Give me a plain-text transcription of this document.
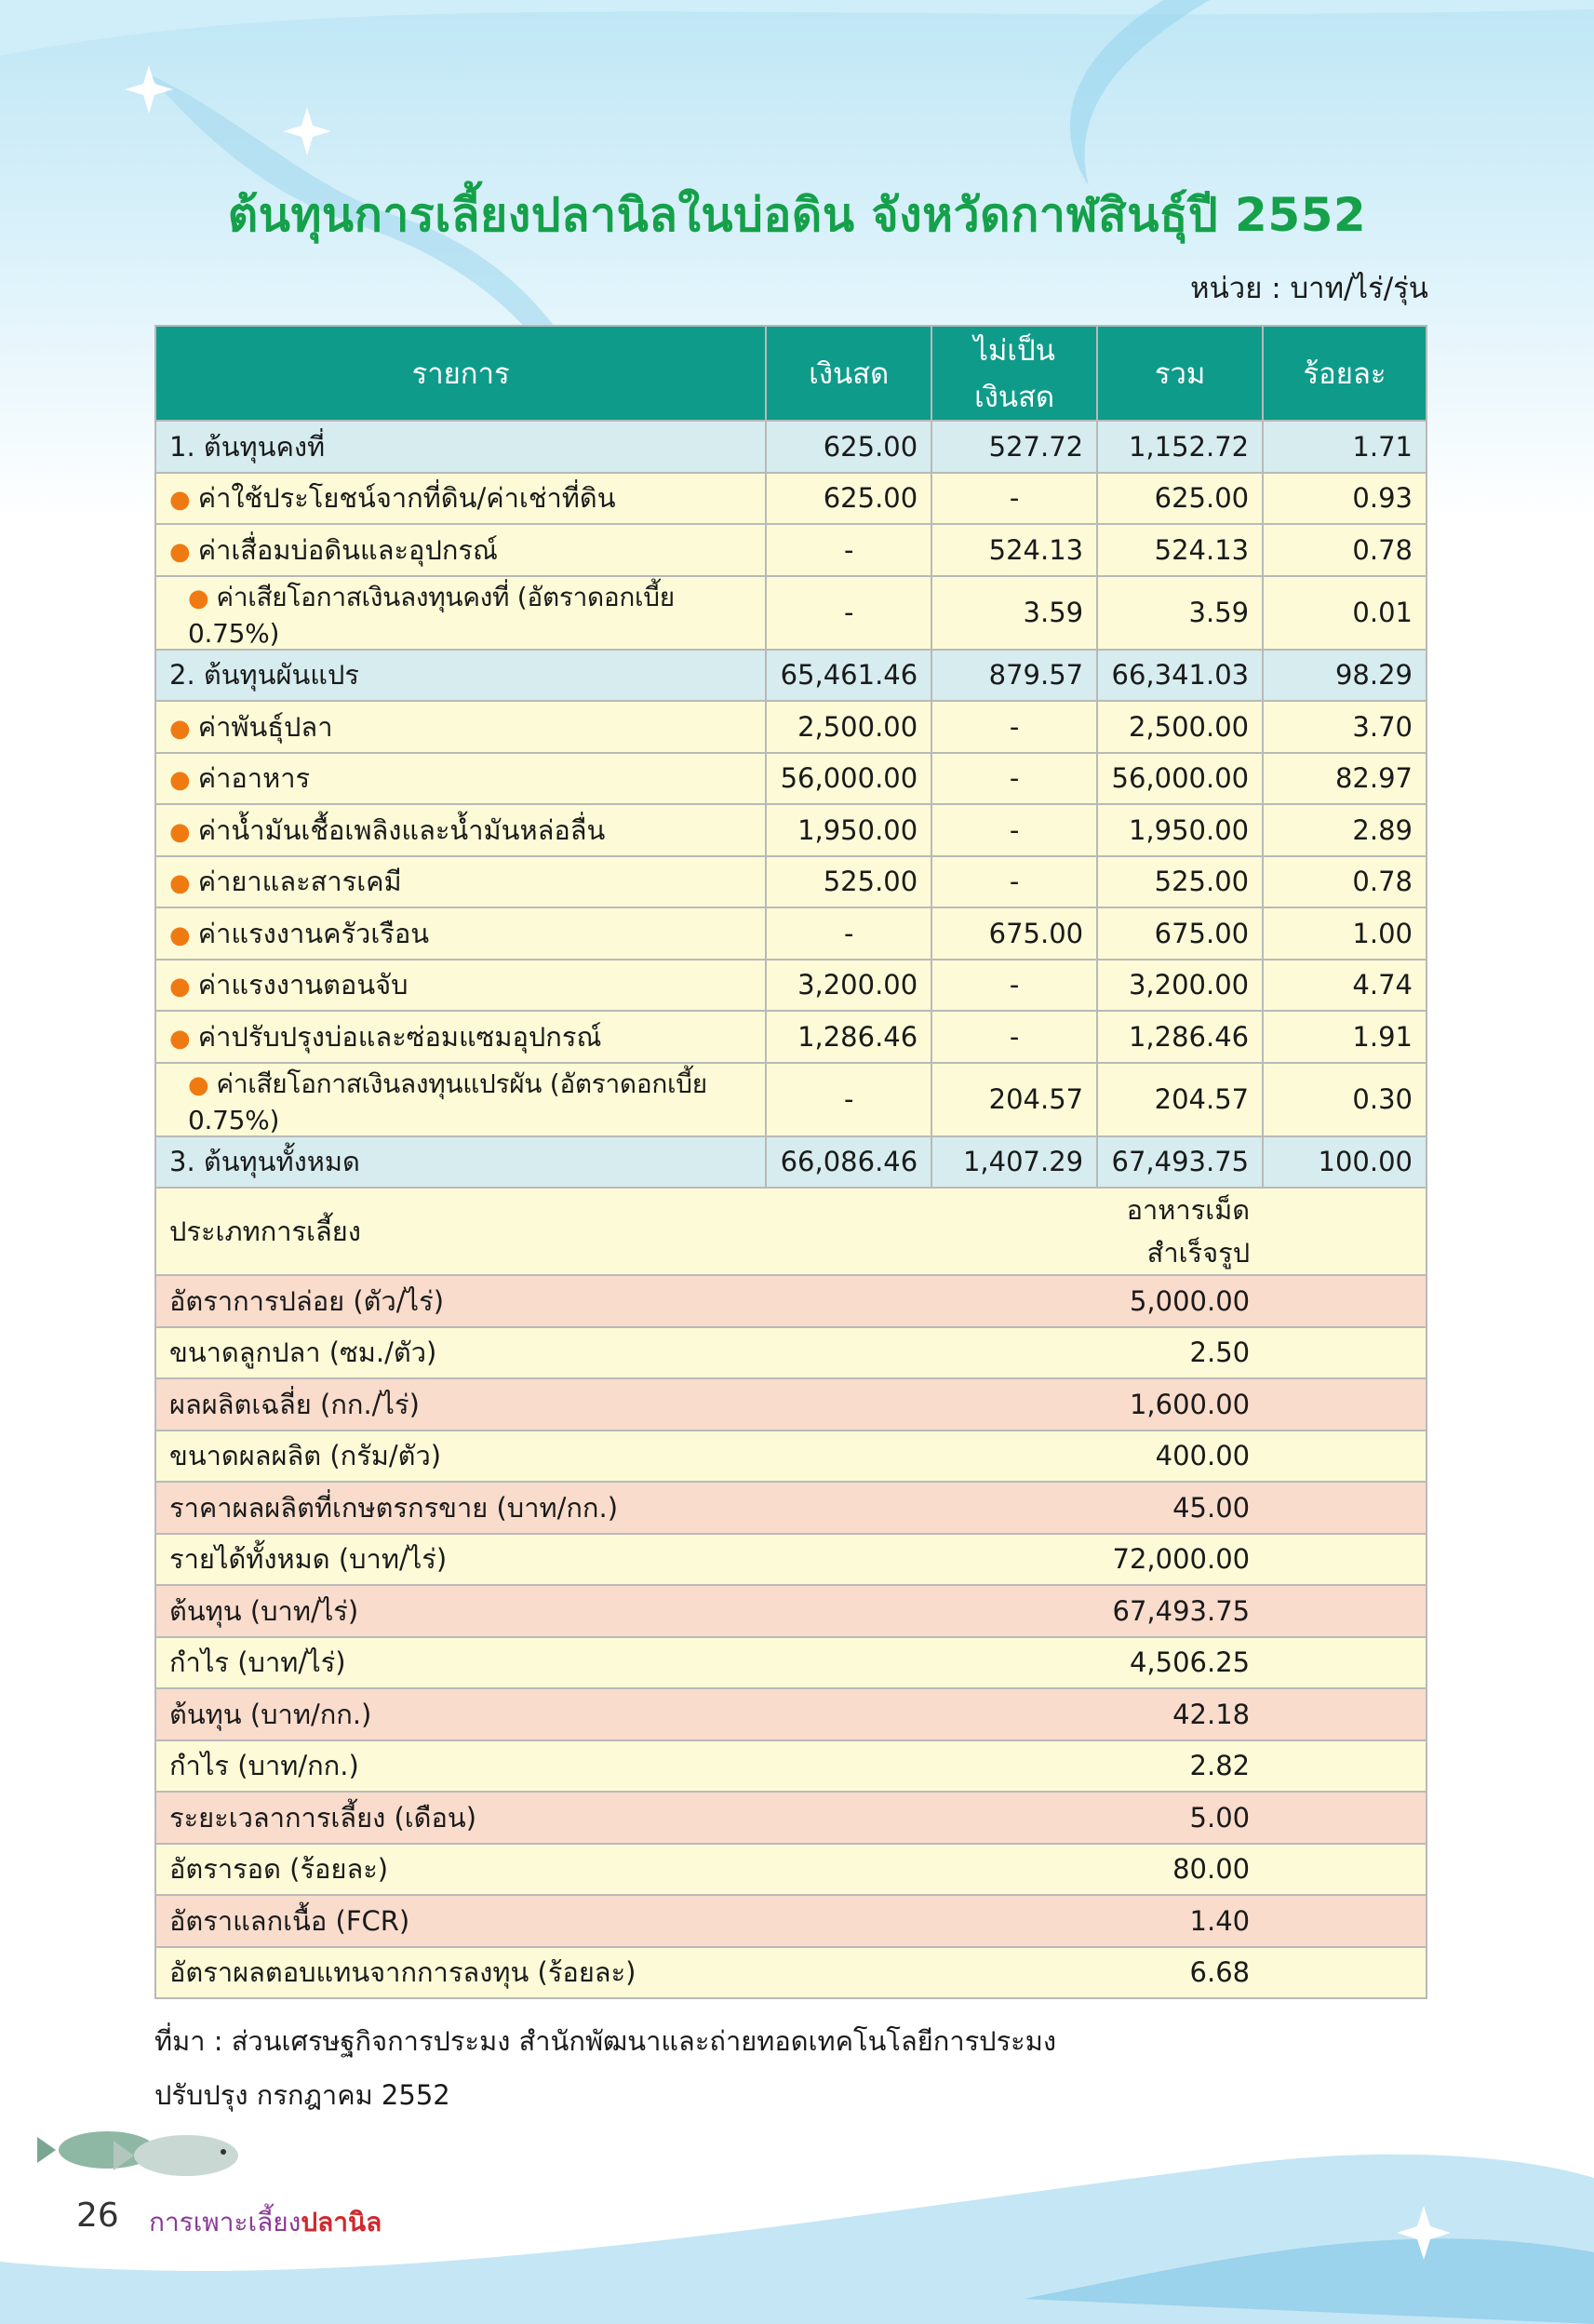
ต้นทุนการเลี้ยงปลานิลในบ่อดิน จังหวัดกาฬสินธุ์ปี 2552
หน่วย : บาท/ไร่/รุ่น
รายการ	เงินสด	ไม่เป็นเงินสด	รวม	ร้อยละ
1. ต้นทุนคงที่	625.00	527.72	1,152.72	1.71
● ค่าใช้ประโยชน์จากที่ดิน/ค่าเช่าที่ดิน	625.00	-	625.00	0.93
● ค่าเสื่อมบ่อดินและอุปกรณ์	-	524.13	524.13	0.78
● ค่าเสียโอกาสเงินลงทุนคงที่ (อัตราดอกเบี้ย 0.75%)	-	3.59	3.59	0.01
2. ต้นทุนผันแปร	65,461.46	879.57	66,341.03	98.29
● ค่าพันธุ์ปลา	2,500.00	-	2,500.00	3.70
● ค่าอาหาร	56,000.00	-	56,000.00	82.97
● ค่าน้ำมันเชื้อเพลิงและน้ำมันหล่อลื่น	1,950.00	-	1,950.00	2.89
● ค่ายาและสารเคมี	525.00	-	525.00	0.78
● ค่าแรงงานครัวเรือน	-	675.00	675.00	1.00
● ค่าแรงงานตอนจับ	3,200.00	-	3,200.00	4.74
● ค่าปรับปรุงบ่อและซ่อมแซมอุปกรณ์	1,286.46	-	1,286.46	1.91
● ค่าเสียโอกาสเงินลงทุนแปรผัน (อัตราดอกเบี้ย 0.75%)	-	204.57	204.57	0.30
3. ต้นทุนทั้งหมด	66,086.46	1,407.29	67,493.75	100.00
ประเภทการเลี้ยง			อาหารเม็ดสำเร็จรูป	
อัตราการปล่อย (ตัว/ไร่)			5,000.00	
ขนาดลูกปลา (ซม./ตัว)			2.50	
ผลผลิตเฉลี่ย (กก./ไร่)			1,600.00	
ขนาดผลผลิต (กรัม/ตัว)			400.00	
ราคาผลผลิตที่เกษตรกรขาย (บาท/กก.)			45.00	
รายได้ทั้งหมด (บาท/ไร่)			72,000.00	
ต้นทุน (บาท/ไร่)			67,493.75	
กำไร (บาท/ไร่)			4,506.25	
ต้นทุน (บาท/กก.)			42.18	
กำไร (บาท/กก.)			2.82	
ระยะเวลาการเลี้ยง (เดือน)			5.00	
อัตรารอด (ร้อยละ)			80.00	
อัตราแลกเนื้อ (FCR)			1.40	
อัตราผลตอบแทนจากการลงทุน (ร้อยละ)			6.68	
ที่มา : ส่วนเศรษฐกิจการประมง สำนักพัฒนาและถ่ายทอดเทคโนโลยีการประมง
ปรับปรุง กรกฎาคม 2552
26 การเพาะเลี้ยงปลานิล
